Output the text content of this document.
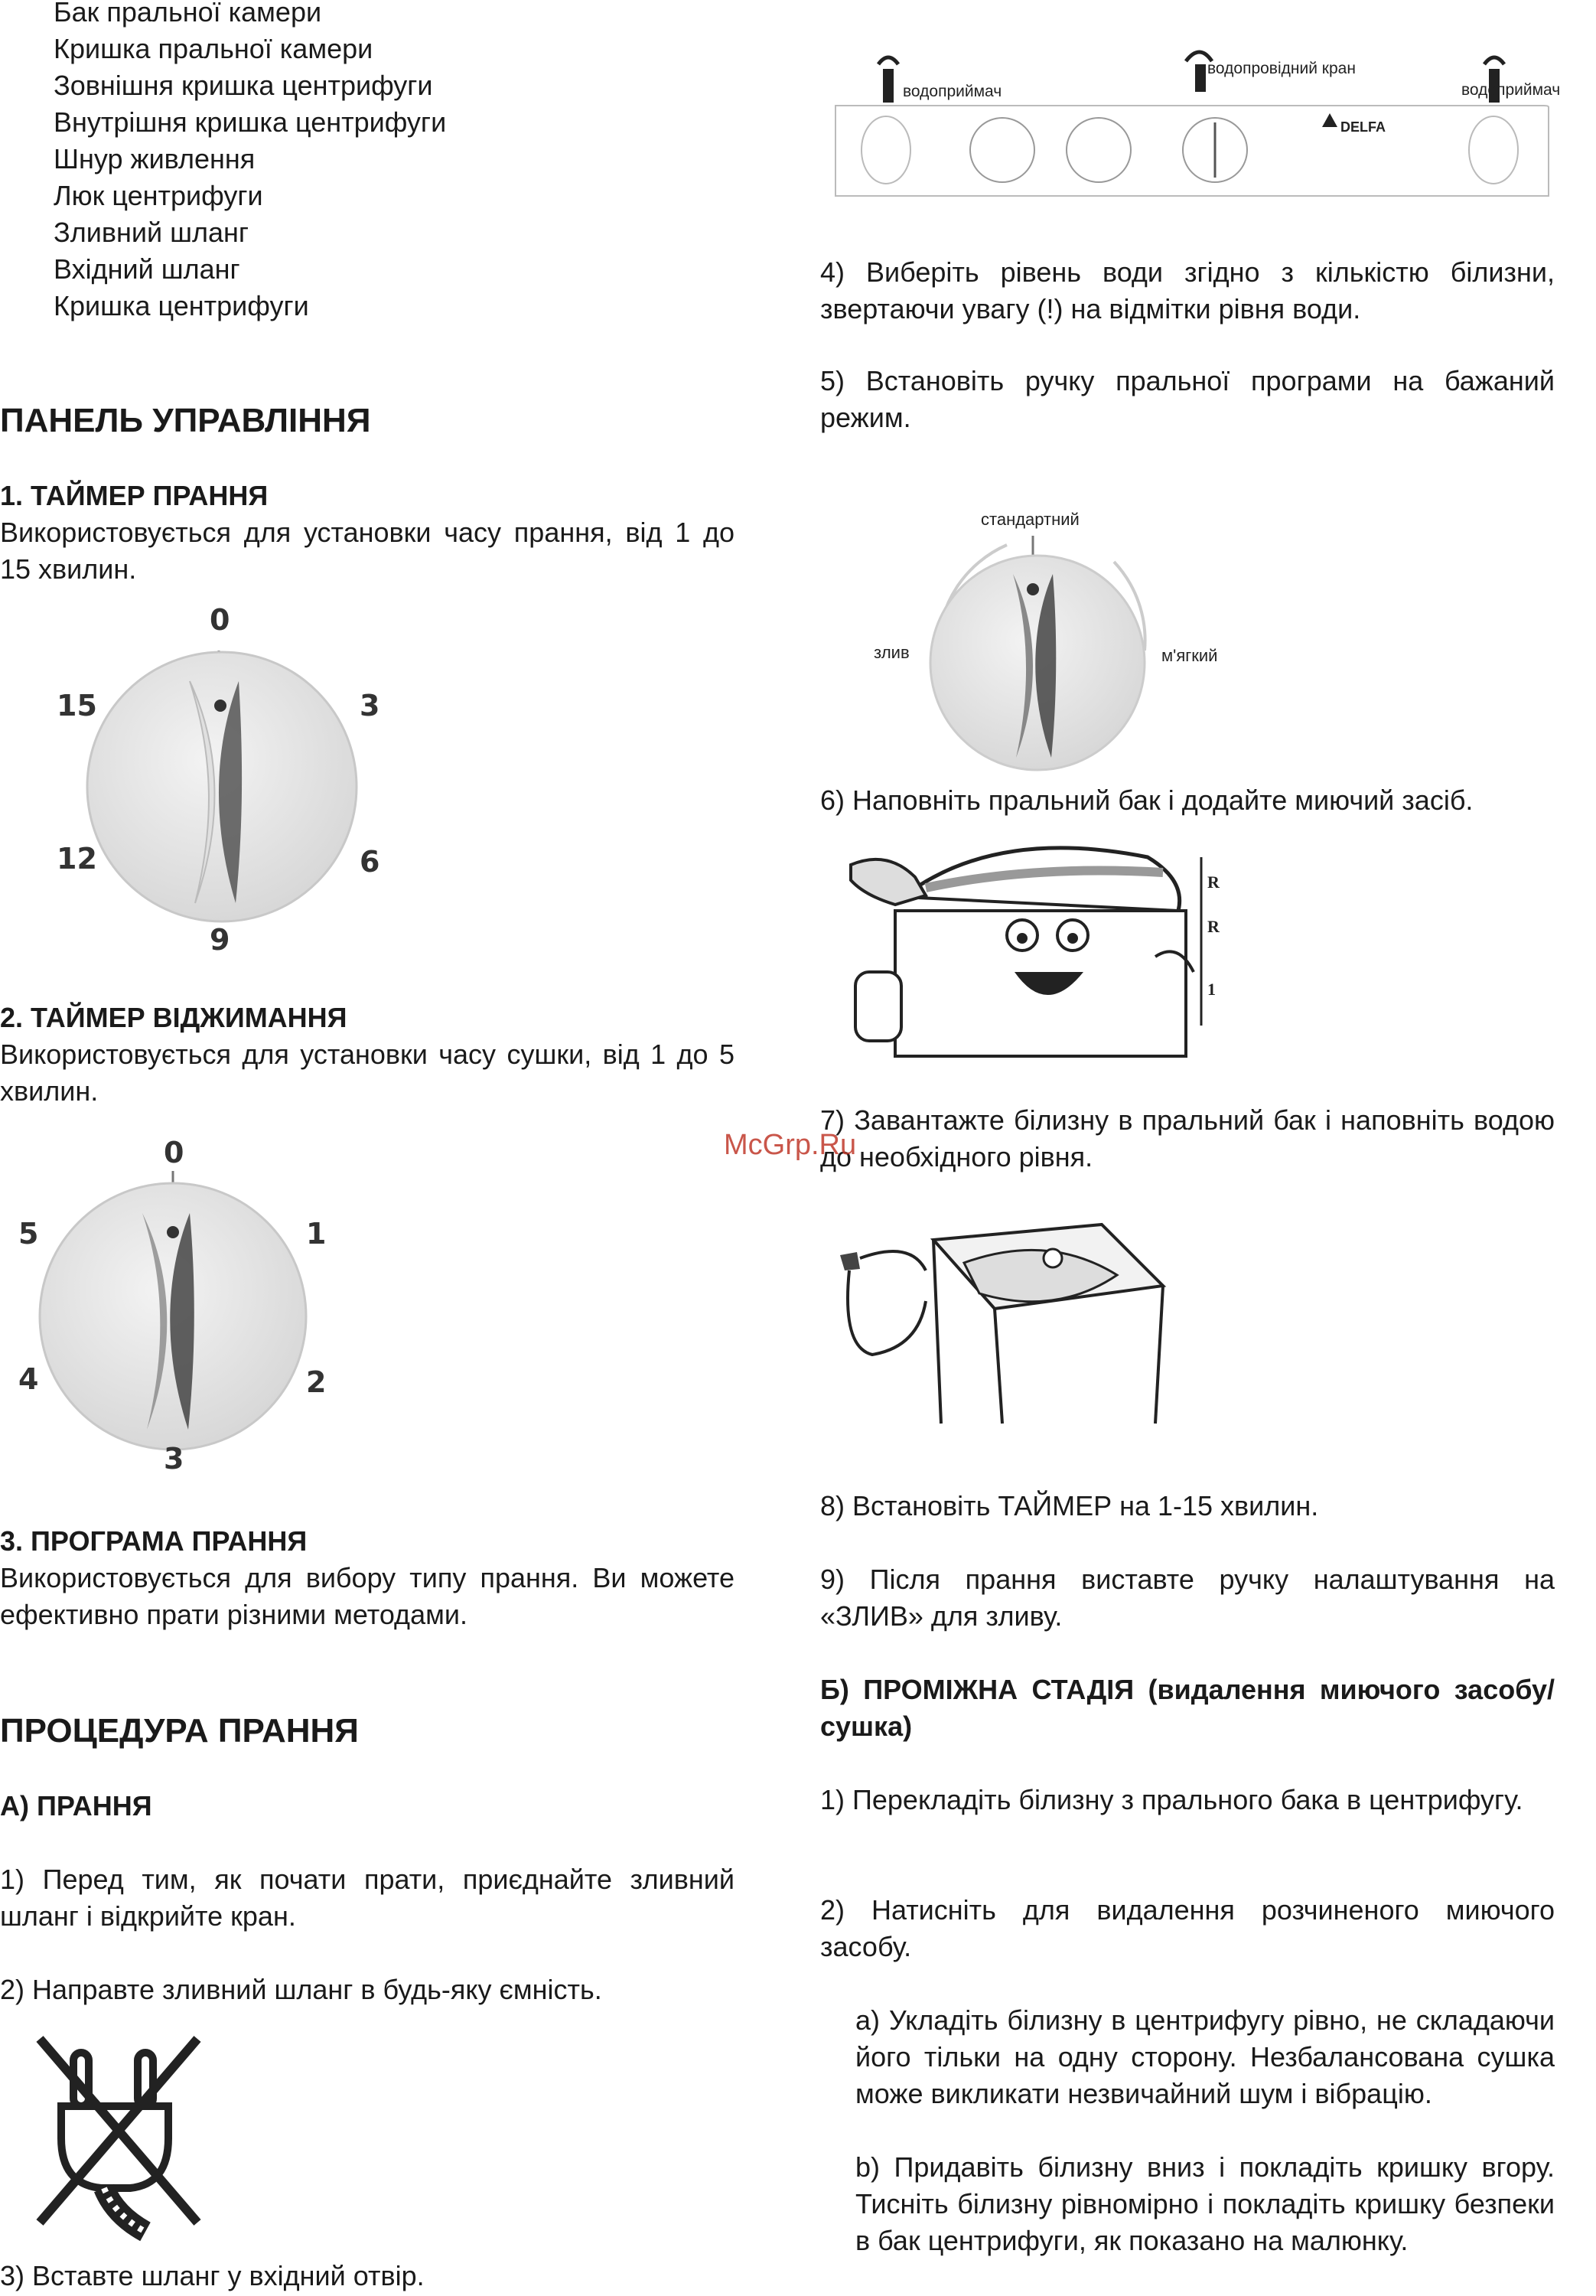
Бак пральної камери
Кришка пральної камери
Зовнішня кришка центрифуги
Внутрішня кришка центрифуги
Шнур живлення
Люк центрифуги
Зливний шланг
Вхідний шланг
Кришка центрифуги
ПАНЕЛЬ УПРАВЛІННЯ
1. ТАЙМЕР ПРАННЯ
Використовується для установки часу прання, від 1 до 15 хвилин.
0
3
6
9
12
15
2. ТАЙМЕР ВІДЖИМАННЯ
Використовується для установки часу сушки, від 1 до 5 хвилин.
0
1
2
3
4
5
3. ПРОГРАМА ПРАННЯ
Використовується для вибору типу прання. Ви можете ефективно прати різними методами.
ПРОЦЕДУРА ПРАННЯ
А) ПРАННЯ
1) Перед тим, як почати прати, приєднайте зливний шланг і відкрийте кран.
2) Направте зливний шланг в будь-яку ємність.
3) Вставте шланг у вхідний отвір.
водоприймач
водопровідний кран
водоприймач
DELFA
4) Виберіть рівень води згідно з кількістю білизни, звертаючи увагу (!) на відмітки рівня води.
5) Встановіть ручку пральної програми на бажаний режим.
стандартний
злив	м'ягкий
6) Наповніть пральний бак і додайте миючий засіб.
R
R
1
7) Завантажте білизну в пральний бак і наповніть водою до необхідного рівня.
8) Встановіть ТАЙМЕР на 1-15 хвилин.
9) Після прання виставте ручку налаштування на «ЗЛИВ» для зливу.
Б) ПРОМІЖНА СТАДІЯ (видалення миючого засобу/сушка)
1) Перекладіть білизну з прального бака в центрифугу.
2) Натисніть для видалення розчиненого миючого засобу.
a) Укладіть білизну в центрифугу рівно, не складаючи його тільки на одну сторону. Незбалансована сушка може викликати незвичайний шум і вібрацію.
b) Придавіть білизну вниз і покладіть кришку вгору. Тисніть білизну рівномірно і покладіть кришку безпеки в бак центрифуги, як показано на малюнку.
McGrp.Ru
